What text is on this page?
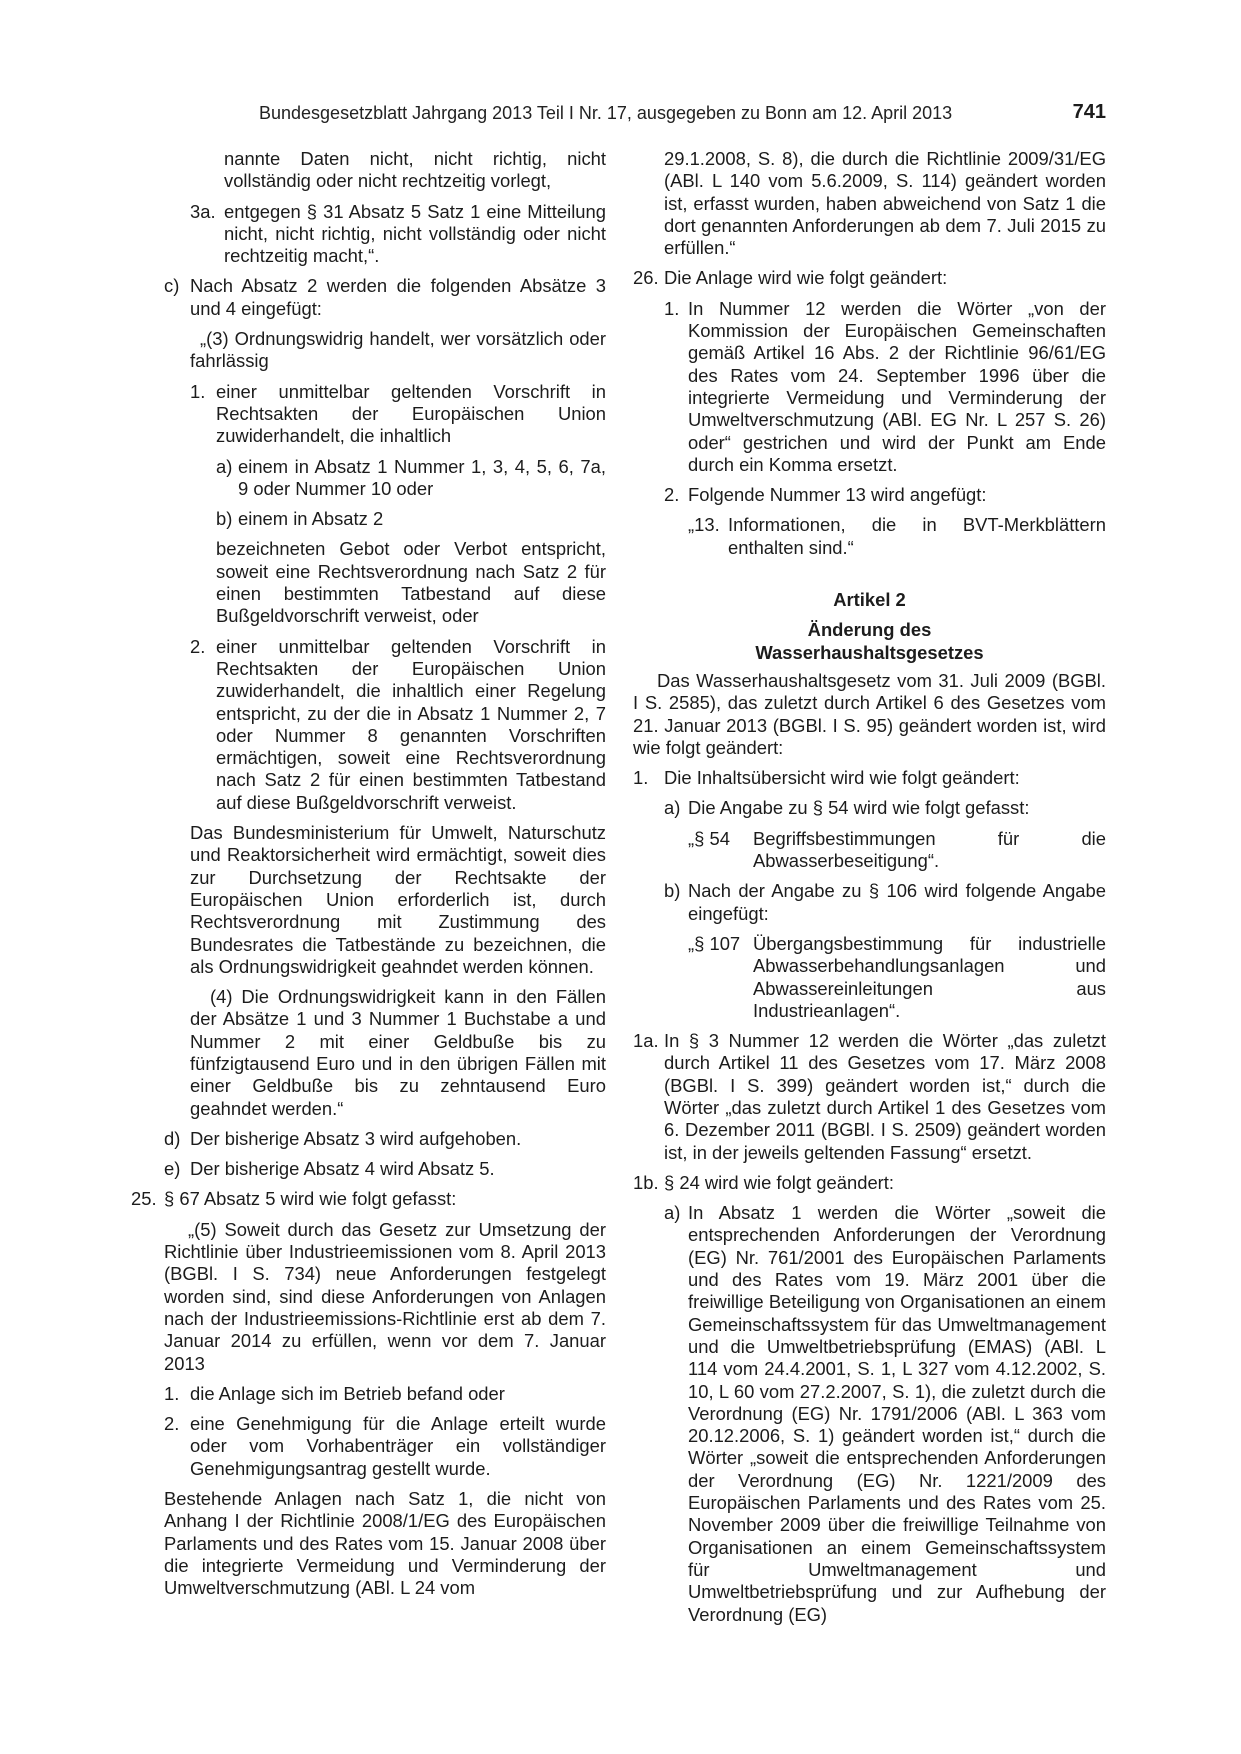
Bundesgesetzblatt Jahrgang 2013 Teil I Nr. 17, ausgegeben zu Bonn am 12. April 2013	741
nannte Daten nicht, nicht richtig, nicht vollständig oder nicht rechtzeitig vorlegt,
3a. entgegen § 31 Absatz 5 Satz 1 eine Mitteilung nicht, nicht richtig, nicht vollständig oder nicht rechtzeitig macht,“.
c) Nach Absatz 2 werden die folgenden Absätze 3 und 4 eingefügt:
„(3) Ordnungswidrig handelt, wer vorsätzlich oder fahrlässig
1. einer unmittelbar geltenden Vorschrift in Rechtsakten der Europäischen Union zuwiderhandelt, die inhaltlich
a) einem in Absatz 1 Nummer 1, 3, 4, 5, 6, 7a, 9 oder Nummer 10 oder
b) einem in Absatz 2
bezeichneten Gebot oder Verbot entspricht, soweit eine Rechtsverordnung nach Satz 2 für einen bestimmten Tatbestand auf diese Bußgeldvorschrift verweist, oder
2. einer unmittelbar geltenden Vorschrift in Rechtsakten der Europäischen Union zuwiderhandelt, die inhaltlich einer Regelung entspricht, zu der die in Absatz 1 Nummer 2, 7 oder Nummer 8 genannten Vorschriften ermächtigen, soweit eine Rechtsverordnung nach Satz 2 für einen bestimmten Tatbestand auf diese Bußgeldvorschrift verweist.
Das Bundesministerium für Umwelt, Naturschutz und Reaktorsicherheit wird ermächtigt, soweit dies zur Durchsetzung der Rechtsakte der Europäischen Union erforderlich ist, durch Rechtsverordnung mit Zustimmung des Bundesrates die Tatbestände zu bezeichnen, die als Ordnungswidrigkeit geahndet werden können.
(4) Die Ordnungswidrigkeit kann in den Fällen der Absätze 1 und 3 Nummer 1 Buchstabe a und Nummer 2 mit einer Geldbuße bis zu fünfzigtausend Euro und in den übrigen Fällen mit einer Geldbuße bis zu zehntausend Euro geahndet werden.“
d) Der bisherige Absatz 3 wird aufgehoben.
e) Der bisherige Absatz 4 wird Absatz 5.
25. § 67 Absatz 5 wird wie folgt gefasst:
„(5) Soweit durch das Gesetz zur Umsetzung der Richtlinie über Industrieemissionen vom 8. April 2013 (BGBl. I S. 734) neue Anforderungen festgelegt worden sind, sind diese Anforderungen von Anlagen nach der Industrieemissions-Richtlinie erst ab dem 7. Januar 2014 zu erfüllen, wenn vor dem 7. Januar 2013
1. die Anlage sich im Betrieb befand oder
2. eine Genehmigung für die Anlage erteilt wurde oder vom Vorhabenträger ein vollständiger Genehmigungsantrag gestellt wurde.
Bestehende Anlagen nach Satz 1, die nicht von Anhang I der Richtlinie 2008/1/EG des Europäischen Parlaments und des Rates vom 15. Januar 2008 über die integrierte Vermeidung und Verminderung der Umweltverschmutzung (ABl. L 24 vom
29.1.2008, S. 8), die durch die Richtlinie 2009/31/EG (ABl. L 140 vom 5.6.2009, S. 114) geändert worden ist, erfasst wurden, haben abweichend von Satz 1 die dort genannten Anforderungen ab dem 7. Juli 2015 zu erfüllen.“
26. Die Anlage wird wie folgt geändert:
1. In Nummer 12 werden die Wörter „von der Kommission der Europäischen Gemeinschaften gemäß Artikel 16 Abs. 2 der Richtlinie 96/61/EG des Rates vom 24. September 1996 über die integrierte Vermeidung und Verminderung der Umweltverschmutzung (ABl. EG Nr. L 257 S. 26) oder“ gestrichen und wird der Punkt am Ende durch ein Komma ersetzt.
2. Folgende Nummer 13 wird angefügt:
„13. Informationen, die in BVT-Merkblättern enthalten sind.“
Artikel 2
Änderung des
Wasserhaushaltsgesetzes
Das Wasserhaushaltsgesetz vom 31. Juli 2009 (BGBl. I S. 2585), das zuletzt durch Artikel 6 des Gesetzes vom 21. Januar 2013 (BGBl. I S. 95) geändert worden ist, wird wie folgt geändert:
1. Die Inhaltsübersicht wird wie folgt geändert:
a) Die Angabe zu § 54 wird wie folgt gefasst:
„§ 54 Begriffsbestimmungen für die Abwasserbeseitigung“.
b) Nach der Angabe zu § 106 wird folgende Angabe eingefügt:
„§ 107 Übergangsbestimmung für industrielle Abwasserbehandlungsanlagen und Abwassereinleitungen aus Industrieanlagen“.
1a. In § 3 Nummer 12 werden die Wörter „das zuletzt durch Artikel 11 des Gesetzes vom 17. März 2008 (BGBl. I S. 399) geändert worden ist,“ durch die Wörter „das zuletzt durch Artikel 1 des Gesetzes vom 6. Dezember 2011 (BGBl. I S. 2509) geändert worden ist, in der jeweils geltenden Fassung“ ersetzt.
1b. § 24 wird wie folgt geändert:
a) In Absatz 1 werden die Wörter „soweit die entsprechenden Anforderungen der Verordnung (EG) Nr. 761/2001 des Europäischen Parlaments und des Rates vom 19. März 2001 über die freiwillige Beteiligung von Organisationen an einem Gemeinschaftssystem für das Umweltmanagement und die Umweltbetriebsprüfung (EMAS) (ABl. L 114 vom 24.4.2001, S. 1, L 327 vom 4.12.2002, S. 10, L 60 vom 27.2.2007, S. 1), die zuletzt durch die Verordnung (EG) Nr. 1791/2006 (ABl. L 363 vom 20.12.2006, S. 1) geändert worden ist,“ durch die Wörter „soweit die entsprechenden Anforderungen der Verordnung (EG) Nr. 1221/2009 des Europäischen Parlaments und des Rates vom 25. November 2009 über die freiwillige Teilnahme von Organisationen an einem Gemeinschaftssystem für Umweltmanagement und Umweltbetriebsprüfung und zur Aufhebung der Verordnung (EG)
